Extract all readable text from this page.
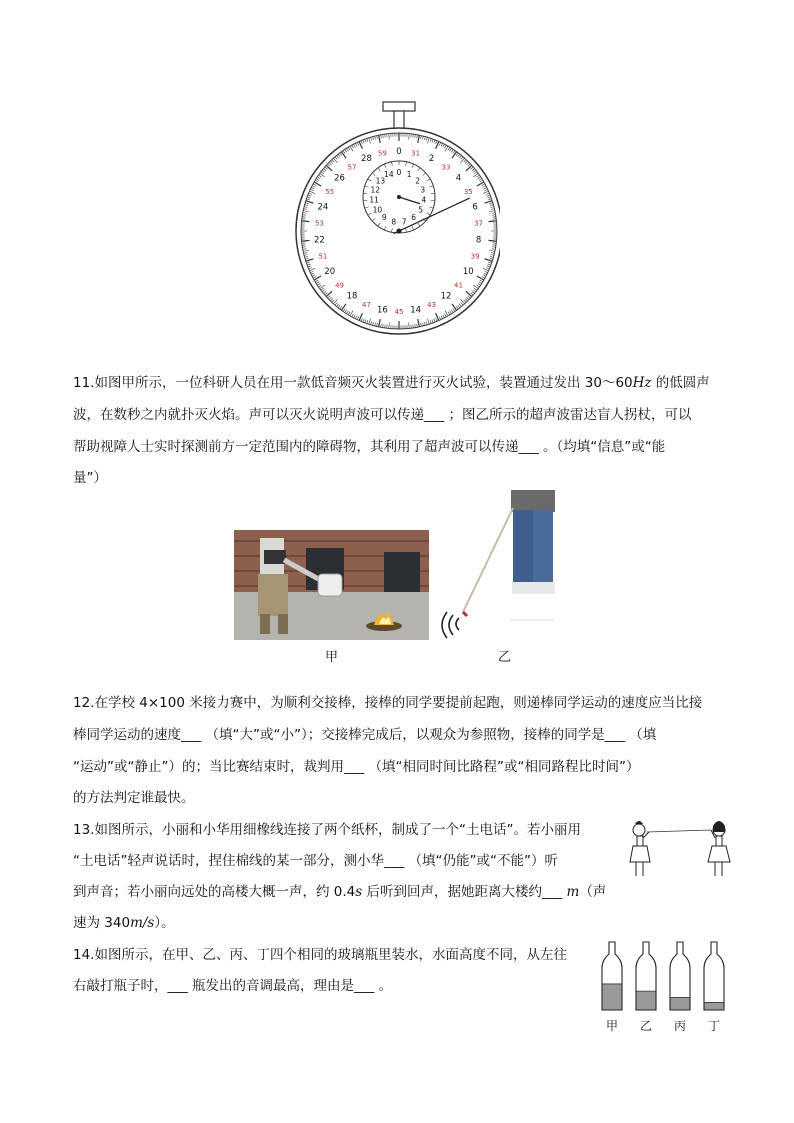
0 31
2
33
4
35
6
37
8
39
10
41
12
43
14
45
16
47
18
49
20
51
22
53
24
55
26
57
28
59
0 1
2
3
4
5
6
7
8
9
10
11
12
13
14
11.如图甲所示，一位科研人员在用一款低音频灭火装置进行灭火试验，装置通过发出 30～60Hz 的低圆声
波，在数秒之内就扑灭火焰。声可以灭火说明声波可以传递___ ；图乙所示的超声波雷达盲人拐杖，可以
帮助视障人士实时探测前方一定范围内的障碍物，其利用了超声波可以传递___ 。（均填“信息”或“能
量”）
甲	乙
12.在学校 4×100 米接力赛中，为顺利交接棒，接棒的同学要提前起跑，则递棒同学运动的速度应当比接
棒同学运动的速度___ （填“大”或“小”）；交接棒完成后，以观众为参照物，接棒的同学是___ （填
“运动”或“静止”）的；当比赛结束时，裁判用___ （填“相同时间比路程”或“相同路程比时间”）
的方法判定谁最快。
13.如图所示，小丽和小华用细橡线连接了两个纸杯，制成了一个“土电话”。若小丽用
“土电话”轻声说话时，捏住棉线的某一部分，测小华___ （填“仍能”或“不能”）听
到声音；若小丽向远处的高楼大概一声，约 0.4s 后听到回声，据她距离大楼约___ m（声
速为 340m/s）。
14.如图所示，在甲、乙、丙、丁四个相同的玻璃瓶里装水，水面高度不同，从左往
右敲打瓶子时，___ 瓶发出的音调最高，理由是___ 。
甲 乙 丙 丁
